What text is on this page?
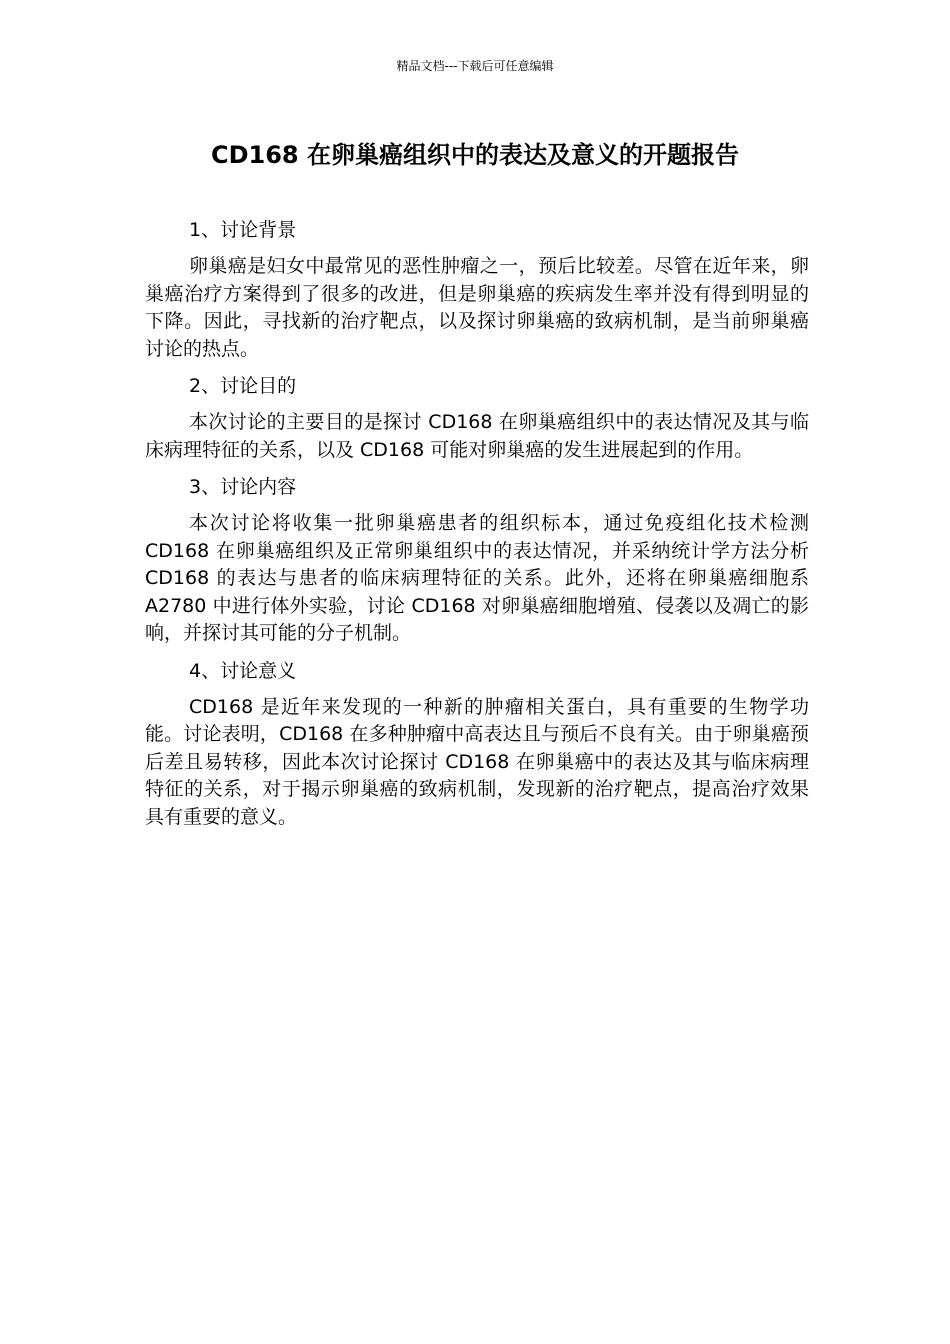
精品文档---下载后可任意编辑
CD168 在卵巢癌组织中的表达及意义的开题报告

1、讨论背景

卵巢癌是妇女中最常见的恶性肿瘤之一，预后比较差。尽管在近年来，卵巢癌治疗方案得到了很多的改进，但是卵巢癌的疾病发生率并没有得到明显的下降。因此，寻找新的治疗靶点，以及探讨卵巢癌的致病机制，是当前卵巢癌讨论的热点。

2、讨论目的

本次讨论的主要目的是探讨 CD168 在卵巢癌组织中的表达情况及其与临床病理特征的关系，以及 CD168 可能对卵巢癌的发生进展起到的作用。

3、讨论内容

本次讨论将收集一批卵巢癌患者的组织标本，通过免疫组化技术检测 CD168 在卵巢癌组织及正常卵巢组织中的表达情况，并采纳统计学方法分析 CD168 的表达与患者的临床病理特征的关系。此外，还将在卵巢癌细胞系 A2780 中进行体外实验，讨论 CD168 对卵巢癌细胞增殖、侵袭以及凋亡的影响，并探讨其可能的分子机制。

4、讨论意义

CD168 是近年来发现的一种新的肿瘤相关蛋白，具有重要的生物学功能。讨论表明，CD168 在多种肿瘤中高表达且与预后不良有关。由于卵巢癌预后差且易转移，因此本次讨论探讨 CD168 在卵巢癌中的表达及其与临床病理特征的关系，对于揭示卵巢癌的致病机制，发现新的治疗靶点，提高治疗效果具有重要的意义。
